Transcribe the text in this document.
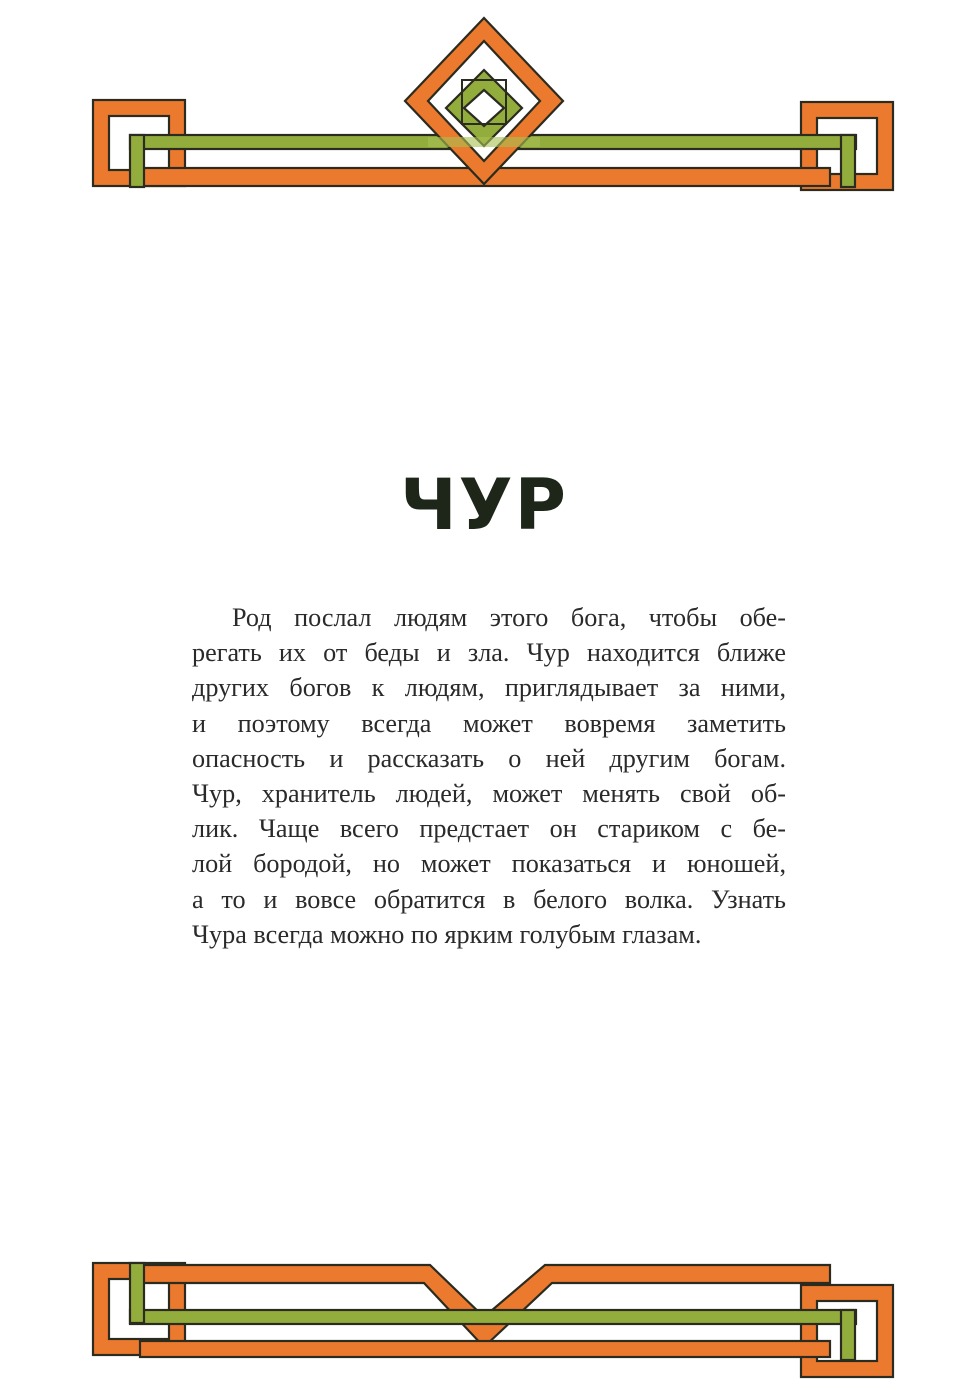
ЧУР
Род послал людям этого бога, чтобы обе-
регать их от беды и зла. Чур находится ближе
других богов к людям, приглядывает за ними,
и поэтому всегда может вовремя заметить
опасность и рассказать о ней другим богам.
Чур, хранитель людей, может менять свой об-
лик. Чаще всего предстает он стариком с бе-
лой бородой, но может показаться и юношей,
а то и вовсе обратится в белого волка. Узнать
Чура всегда можно по ярким голубым глазам.
